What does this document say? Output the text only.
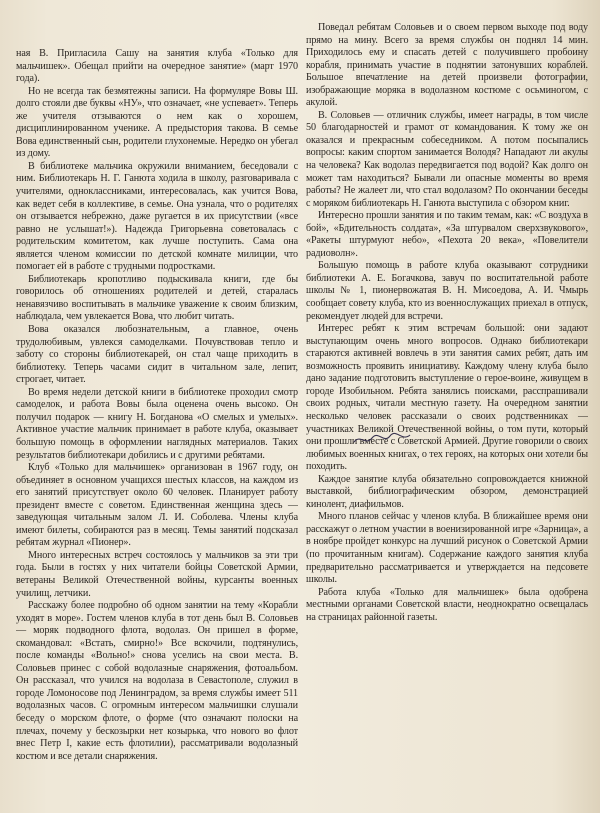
ная В. Пригласила Сашу на занятия клуба «Только для мальчишек». Обещал прийти на очередное занятие» (март 1970 года).

Но не всегда так безмятежны записи. На формуляре Вовы Ш. долго стояли две буквы «НУ», что означает, «не успевает». Теперь же учителя отзываются о нем как о хорошем, дисциплинированном ученике. А предыстория такова. В семье Вова единственный сын, родители глухонемые. Нередко он убегал из дому.

В библиотеке мальчика окружили вниманием, беседовали с ним. Библиотекарь Н. Г. Ганюта ходила в школу, разговаривала с учителями, одноклассниками, интересовалась, как учится Вова, как ведет себя в коллективе, в семье. Она узнала, что о родителях он отзывается небрежно, даже ругается в их присутствии («все равно не услышат!»). Надежда Григорьевна советовалась с родительским комитетом, как лучше поступить. Сама она является членом комиссии по детской комнате милиции, что помогает ей в работе с трудными подростками.

Библиотекарь кропотливо подыскивала книги, где бы говорилось об отношениях родителей и детей, старалась ненавязчиво воспитывать в мальчике уважение к своим близким, наблюдала, чем увлекается Вова, что любит читать.

Вова оказался любознательным, а главное, очень трудолюбивым, увлекся самоделками. Почувствовав тепло и заботу со стороны библиотекарей, он стал чаще приходить в библиотеку. Теперь часами сидит в читальном зале, лепит, строгает, читает.

Во время недели детской книги в библиотеке проходил смотр самоделок, и работа Вовы была оценена очень высоко. Он получил подарок — книгу Н. Богданова «О смелых и умелых». Активное участие мальчик принимает в работе клуба, оказывает большую помощь в оформлении наглядных материалов. Таких результатов библиотекари добились и с другими ребятами.

Клуб «Только для мальчишек» организован в 1967 году, он объединяет в основном учащихся шестых классов, на каждом из его занятий присутствует около 60 человек. Планирует работу президент вместе с советом. Единственная женщина здесь — заведующая читальным залом Л. И. Соболева. Члены клуба имеют билеты, собираются раз в месяц. Темы занятий подсказал ребятам журнал «Пионер».

Много интересных встреч состоялось у мальчиков за эти три года. Были в гостях у них читатели бойцы Советской Армии, ветераны Великой Отечественной войны, курсанты военных училищ, летчики.

Расскажу более подробно об одном занятии на тему «Корабли уходят в море». Гостем членов клуба в тот день был В. Соловьев — моряк подводного флота, водолаз. Он пришел в форме, скомандовал: «Встать, смирно!» Все вскочили, подтянулись, после команды «Вольно!» снова уселись на свои места. В. Соловьев принес с собой водолазные снаряжения, фотоальбом. Он рассказал, что учился на водолаза в Севастополе, служил в городе Ломоносове под Ленинградом, за время службы имеет 511 водолазных часов. С огромным интересом мальчишки слушали беседу о морском флоте, о форме (что означают полоски на плечах, почему у бескозырки нет козырька, что нового во флот внес Петр I, какие есть флотилии), рассматривали водолазный костюм и все детали снаряжения.

Поведал ребятам Соловьев и о своем первом выходе под воду прямо на мину. Всего за время службы он поднял 14 мин. Приходилось ему и спасать детей с получившего пробоину корабля, принимать участие в поднятии затонувших кораблей. Большое впечатление на детей произвели фотографии, изображающие моряка в водолазном костюме с осьминогом, с акулой.

В. Соловьев — отличник службы, имеет награды, в том числе 50 благодарностей и грамот от командования. К тому же он оказался и прекрасным собеседником. А потом посыпались вопросы: каким спортом занимается Володя? Нападают ли акулы на человека? Как водолаз передвигается под водой? Как долго он может там находиться? Бывали ли опасные моменты во время работы? Не жалеет ли, что стал водолазом? По окончании беседы с моряком библиотекарь Н. Ганюта выступила с обзором книг.

Интересно прошли занятия и по таким темам, как: «С воздуха в бой», «Бдительность солдата», «За штурвалом сверхзвукового», «Ракеты штурмуют небо», «Пехота 20 века», «Повелители радиоволн».

Большую помощь в работе клуба оказывают сотрудники библиотеки А. Е. Богачкова, завуч по воспитательной работе школы № 1, пионервожатая В. Н. Мисоедова, А. И. Чмырь сообщает совету клуба, кто из военнослужащих приехал в отпуск, рекомендует людей для встречи.

Интерес ребят к этим встречам большой: они задают выступающим очень много вопросов. Однако библиотекари стараются активней вовлечь в эти занятия самих ребят, дать им возможность проявить инициативу. Каждому члену клуба было дано задание подготовить выступление о герое-воине, живущем в городе Изобильном. Ребята занялись поисками, расспрашивали своих родных, читали местную газету. На очередном занятии несколько человек рассказали о своих родственниках — участниках Великой Отечественной войны, о том пути, который они прошли вместе с Советской Армией. Другие говорили о своих любимых военных книгах, о тех героях, на которых они хотели бы походить.

Каждое занятие клуба обязательно сопровождается книжной выставкой, библиографическим обзором, демонстрацией кинолент, диафильмов.

Много планов сейчас у членов клуба. В ближайшее время они расскажут о летном участии в военизированной игре «Зарница», а в ноябре пройдет конкурс на лучший рисунок о Советской Армии (по прочитанным книгам). Содержание каждого занятия клуба предварительно рассматривается и утверждается на педсовете школы.

Работа клуба «Только для мальчишек» была одобрена местными органами Советской власти, неоднократно освещалась на страницах районной газеты.
